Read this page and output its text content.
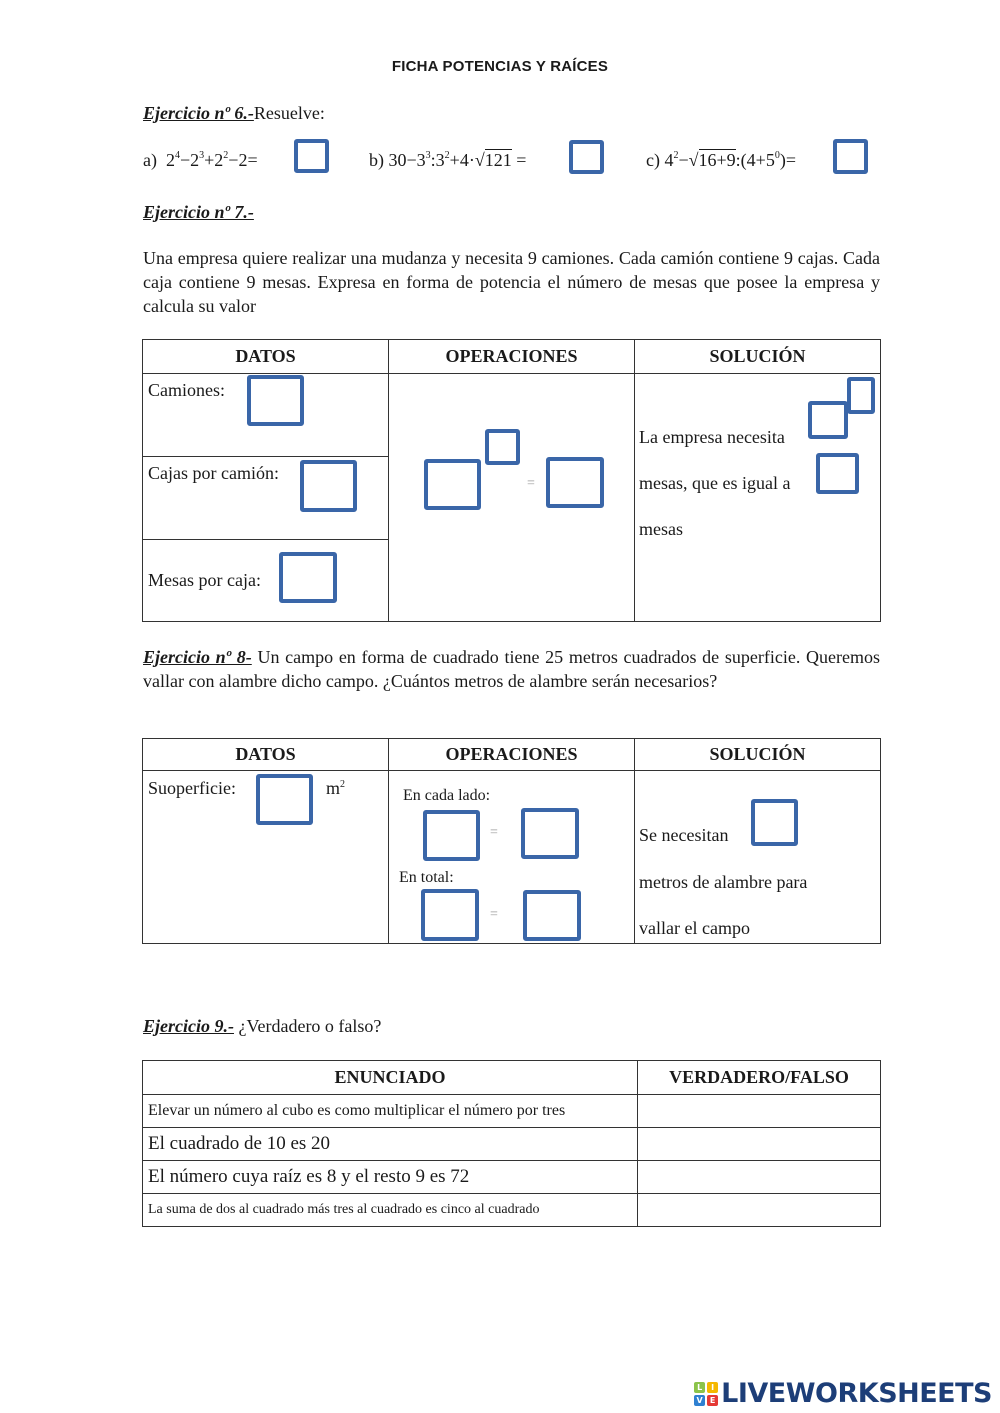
FICHA POTENCIAS Y RAÍCES
Ejercicio nº 6.-Resuelve:
a) $2^4-2^3+2^2-2=$	b) $30-3^3:3^2+4\cdot√121$ =	c) $4^2-√16+9:(4+5^0)=$
Ejercicio nº 7.-
Una empresa quiere realizar una mudanza y necesita 9 camiones. Cada camión contiene 9 cajas. Cada caja contiene 9 mesas. Expresa en forma de potencia el número de mesas que posee la empresa y calcula su valor
DATOS	OPERACIONES	SOLUCIÓN

Camiones:
Cajas por camión:
Mesas por caja:
=
La empresa necesita
mesas, que es igual a
mesas
Ejercicio nº 8- Un campo en forma de cuadrado tiene 25 metros cuadrados de superficie. Queremos vallar con alambre dicho campo. ¿Cuántos metros de alambre serán necesarios?
DATOS	OPERACIONES	SOLUCIÓN

Suoperficie:	$m^2$
En cada lado:
=
En total:
=
Se necesitan
metros de alambre para
vallar el campo
Ejercicio 9.- ¿Verdadero o falso?
ENUNCIADO	VERDADERO/FALSO
Elevar un número al cubo es como multiplicar el número por tres	
El cuadrado de 10 es 20	
El número cuya raíz es 8 y el resto 9 es 72	
La suma de dos al cuadrado más tres al cuadrado es cinco al cuadrado	
L	I
V E LIVEWORKSHEETS
